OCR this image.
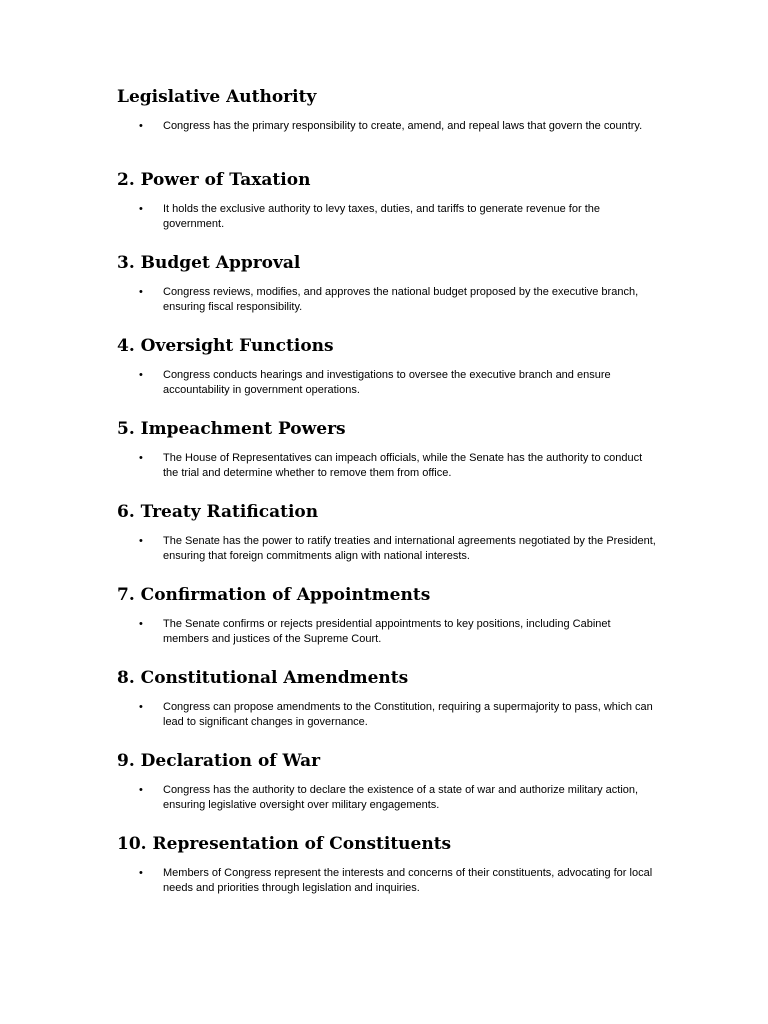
Legislative Authority
•	Congress has the primary responsibility to create, amend, and repeal laws that govern the country.
2. Power of Taxation
•	It holds the exclusive authority to levy taxes, duties, and tariffs to generate revenue for the government.
3. Budget Approval
•	Congress reviews, modifies, and approves the national budget proposed by the executive branch, ensuring fiscal responsibility.
4. Oversight Functions
•	Congress conducts hearings and investigations to oversee the executive branch and ensure accountability in government operations.
5. Impeachment Powers
•	The House of Representatives can impeach officials, while the Senate has the authority to conduct the trial and determine whether to remove them from office.
6. Treaty Ratification
•	The Senate has the power to ratify treaties and international agreements negotiated by the President, ensuring that foreign commitments align with national interests.
7. Confirmation of Appointments
•	The Senate confirms or rejects presidential appointments to key positions, including Cabinet members and justices of the Supreme Court.
8. Constitutional Amendments
•	Congress can propose amendments to the Constitution, requiring a supermajority to pass, which can lead to significant changes in governance.
9. Declaration of War
•	Congress has the authority to declare the existence of a state of war and authorize military action, ensuring legislative oversight over military engagements.
10. Representation of Constituents
•	Members of Congress represent the interests and concerns of their constituents, advocating for local needs and priorities through legislation and inquiries.
